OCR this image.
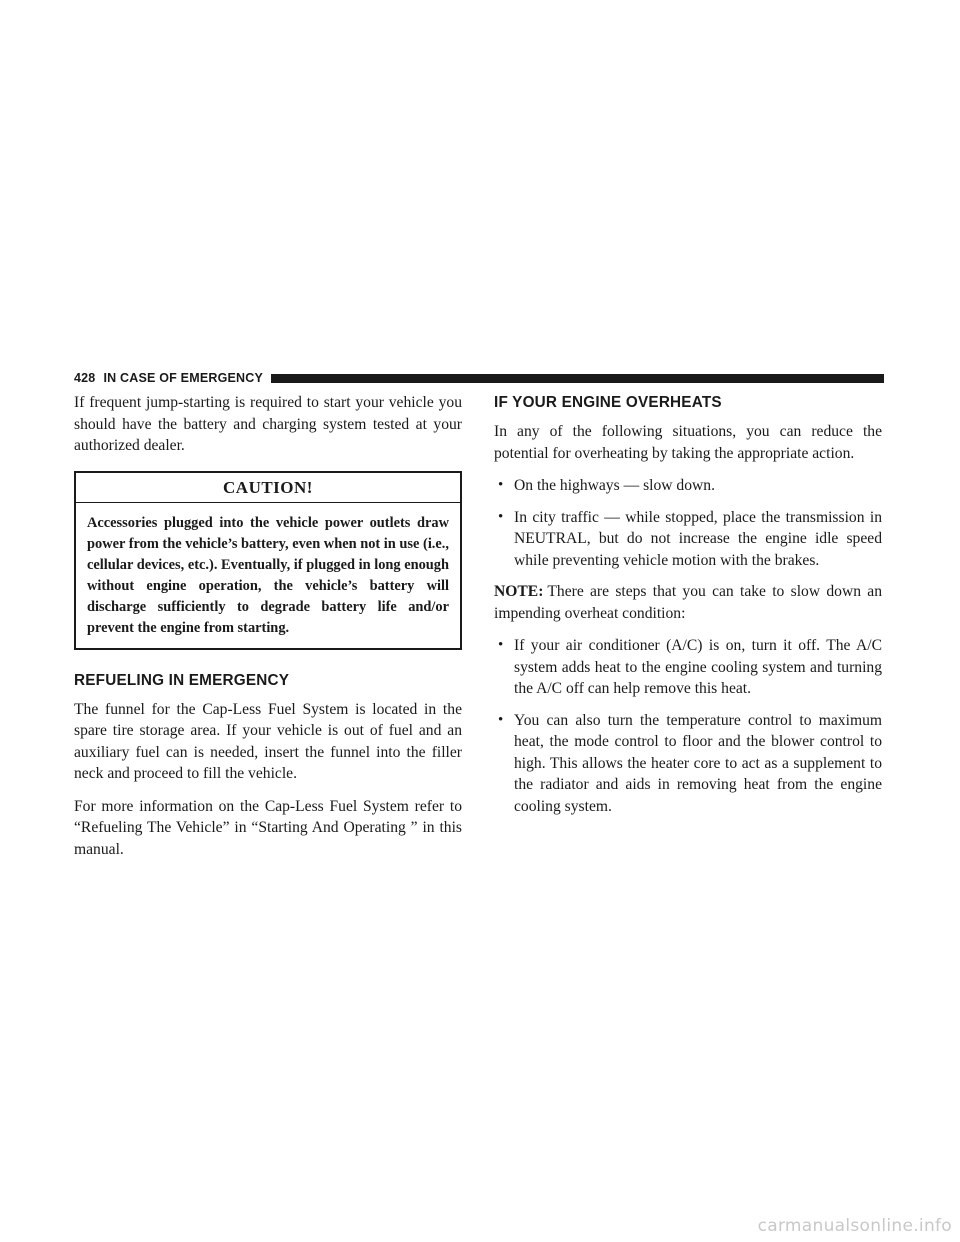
428 IN CASE OF EMERGENCY

If frequent jump-starting is required to start your vehicle you should have the battery and charging system tested at your authorized dealer.

CAUTION!
Accessories plugged into the vehicle power outlets draw power from the vehicle’s battery, even when not in use (i.e., cellular devices, etc.). Eventually, if plugged in long enough without engine operation, the vehicle’s battery will discharge sufficiently to degrade battery life and/or prevent the engine from starting.
REFUELING IN EMERGENCY

The funnel for the Cap-Less Fuel System is located in the spare tire storage area. If your vehicle is out of fuel and an auxiliary fuel can is needed, insert the funnel into the filler neck and proceed to fill the vehicle.

For more information on the Cap-Less Fuel System refer to “Refueling The Vehicle” in “Starting And Operating ” in this manual.

IF YOUR ENGINE OVERHEATS

In any of the following situations, you can reduce the potential for overheating by taking the appropriate action.

• On the highways — slow down.
• In city traffic — while stopped, place the transmission in NEUTRAL, but do not increase the engine idle speed while preventing vehicle motion with the brakes.

NOTE: There are steps that you can take to slow down an impending overheat condition:

• If your air conditioner (A/C) is on, turn it off. The A/C system adds heat to the engine cooling system and turning the A/C off can help remove this heat.
• You can also turn the temperature control to maximum heat, the mode control to floor and the blower control to high. This allows the heater core to act as a supplement to the radiator and aids in removing heat from the engine cooling system.
carmanualsonline.info
